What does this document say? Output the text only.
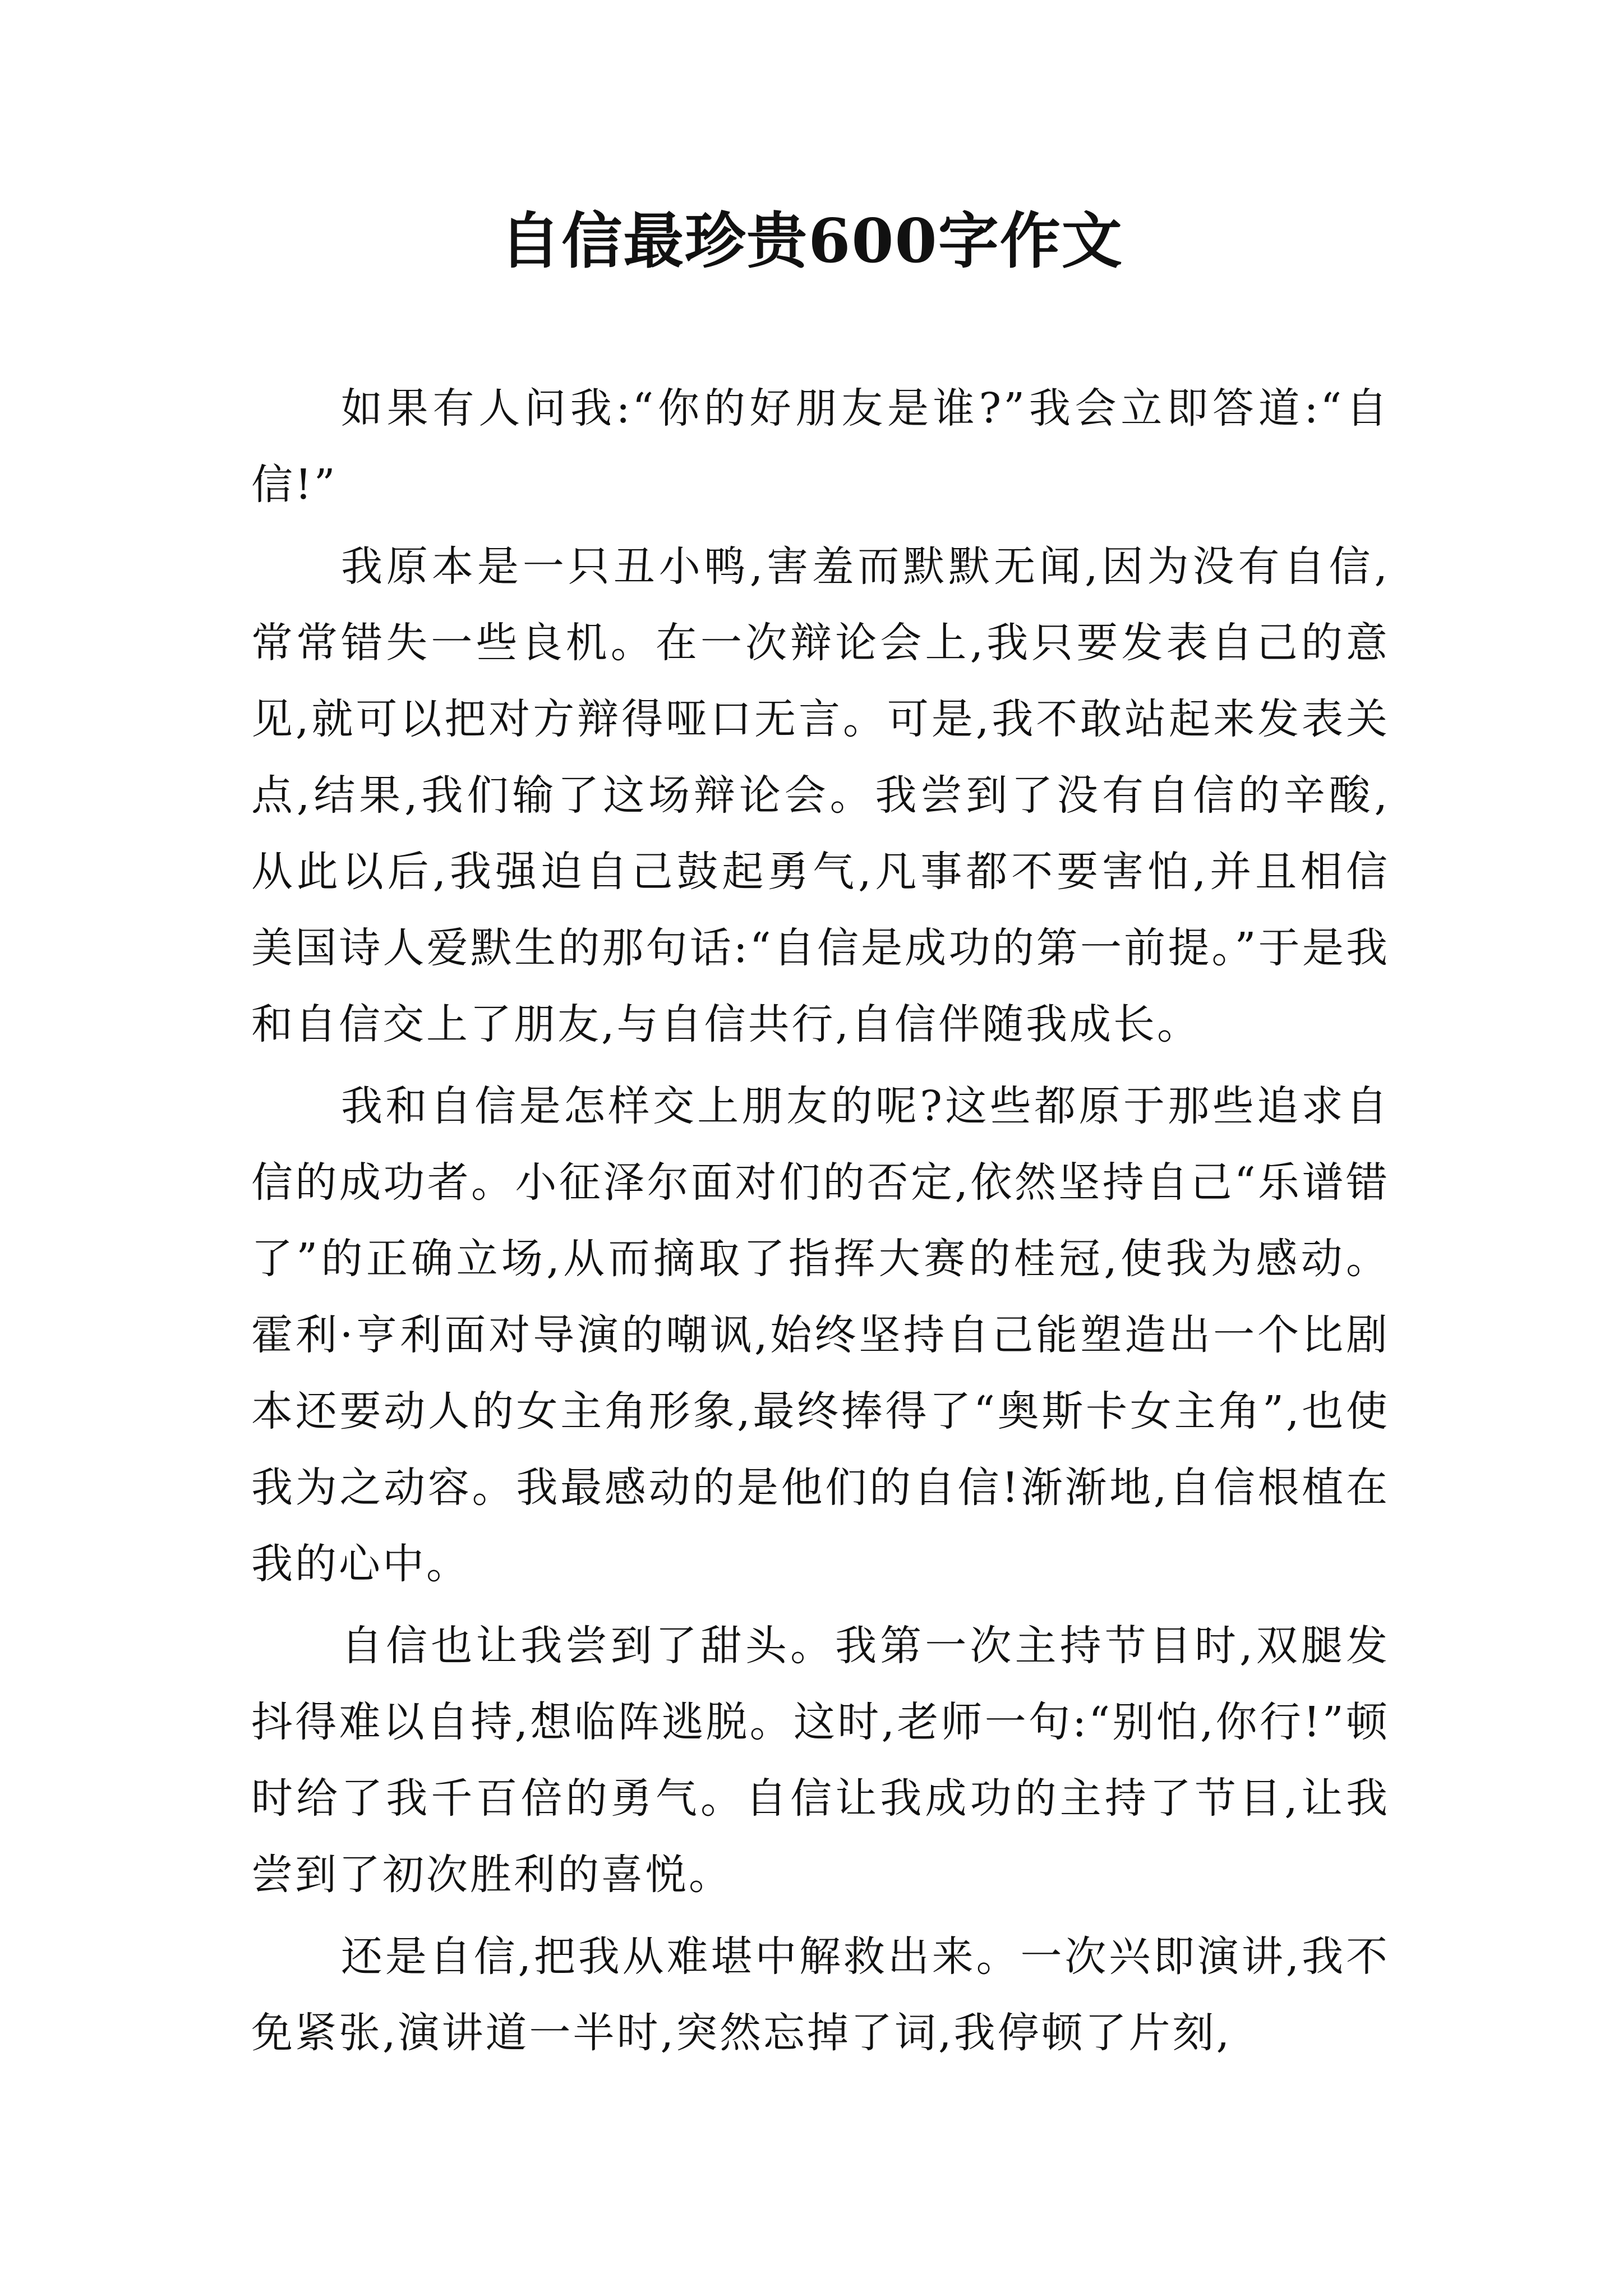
自信最珍贵600字作文

如果有人问我:“你的好朋友是谁?”我会立即答道:“自信!”

我原本是一只丑小鸭,害羞而默默无闻,因为没有自信,常常错失一些良机。在一次辩论会上,我只要发表自己的意见,就可以把对方辩得哑口无言。可是,我不敢站起来发表关点,结果,我们输了这场辩论会。我尝到了没有自信的辛酸,从此以后,我强迫自己鼓起勇气,凡事都不要害怕,并且相信美国诗人爱默生的那句话:“自信是成功的第一前提。”于是我和自信交上了朋友,与自信共行,自信伴随我成长。

我和自信是怎样交上朋友的呢?这些都原于那些追求自信的成功者。小征泽尔面对们的否定,依然坚持自己“乐谱错了”的正确立场,从而摘取了指挥大赛的桂冠,使我为感动。霍利·亨利面对导演的嘲讽,始终坚持自己能塑造出一个比剧本还要动人的女主角形象,最终捧得了“奥斯卡女主角”,也使我为之动容。我最感动的是他们的自信!渐渐地,自信根植在我的心中。

自信也让我尝到了甜头。我第一次主持节目时,双腿发抖得难以自持,想临阵逃脱。这时,老师一句:“别怕,你行!”顿时给了我千百倍的勇气。自信让我成功的主持了节目,让我尝到了初次胜利的喜悦。

还是自信,把我从难堪中解救出来。一次兴即演讲,我不免紧张,演讲道一半时,突然忘掉了词,我停顿了片刻,
